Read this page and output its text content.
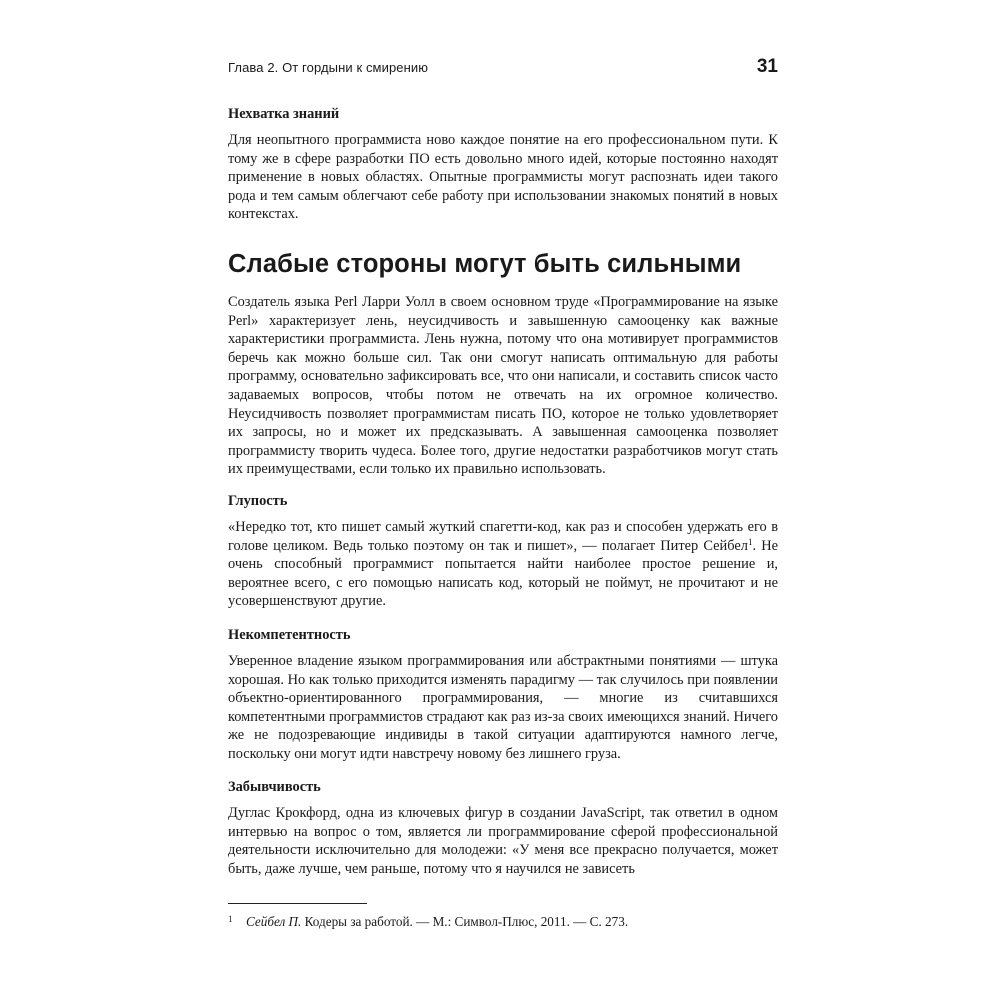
Глава 2. От гордыни к смирению	31
Нехватка знаний

Для неопытного программиста ново каждое понятие на его профессиональном пути. К тому же в сфере разработки ПО есть довольно много идей, которые постоянно находят применение в новых областях. Опытные программисты могут распознать идеи такого рода и тем самым облегчают себе работу при использовании знакомых понятий в новых контекстах.

Слабые стороны могут быть сильными

Создатель языка Perl Ларри Уолл в своем основном труде «Программирование на языке Perl» характеризует лень, неусидчивость и завышенную самооценку как важные характеристики программиста. Лень нужна, потому что она мотивирует программистов беречь как можно больше сил. Так они смогут написать оптимальную для работы программу, основательно зафиксировать все, что они написали, и составить список часто задаваемых вопросов, чтобы потом не отвечать на их огромное количество. Неусидчивость позволяет программистам писать ПО, которое не только удовлетворяет их запросы, но и может их предсказывать. А завышенная самооценка позволяет программисту творить чудеса. Более того, другие недостатки разработчиков могут стать их преимуществами, если только их правильно использовать.

Глупость

«Нередко тот, кто пишет самый жуткий спагетти-код, как раз и способен удержать его в голове целиком. Ведь только поэтому он так и пишет», — полагает Питер Сейбел$^1$. Не очень способный программист попытается найти наиболее простое решение и, вероятнее всего, с его помощью написать код, который не поймут, не прочитают и не усовершенствуют другие.

Некомпетентность

Уверенное владение языком программирования или абстрактными понятиями — штука хорошая. Но как только приходится изменять парадигму — так случилось при появлении объектно-ориентированного программирования, — многие из считавшихся компетентными программистов страдают как раз из-за своих имеющихся знаний. Ничего же не подозревающие индивиды в такой ситуации адаптируются намного легче, поскольку они могут идти навстречу новому без лишнего груза.

Забывчивость

Дуглас Крокфорд, одна из ключевых фигур в создании JavaScript, так ответил в одном интервью на вопрос о том, является ли программирование сферой профессиональной деятельности исключительно для молодежи: «У меня все прекрасно получается, может быть, даже лучше, чем раньше, потому что я научился не зависеть

1 Сейбел П. Кодеры за работой. — М.: Символ-Плюс, 2011. — С. 273.
